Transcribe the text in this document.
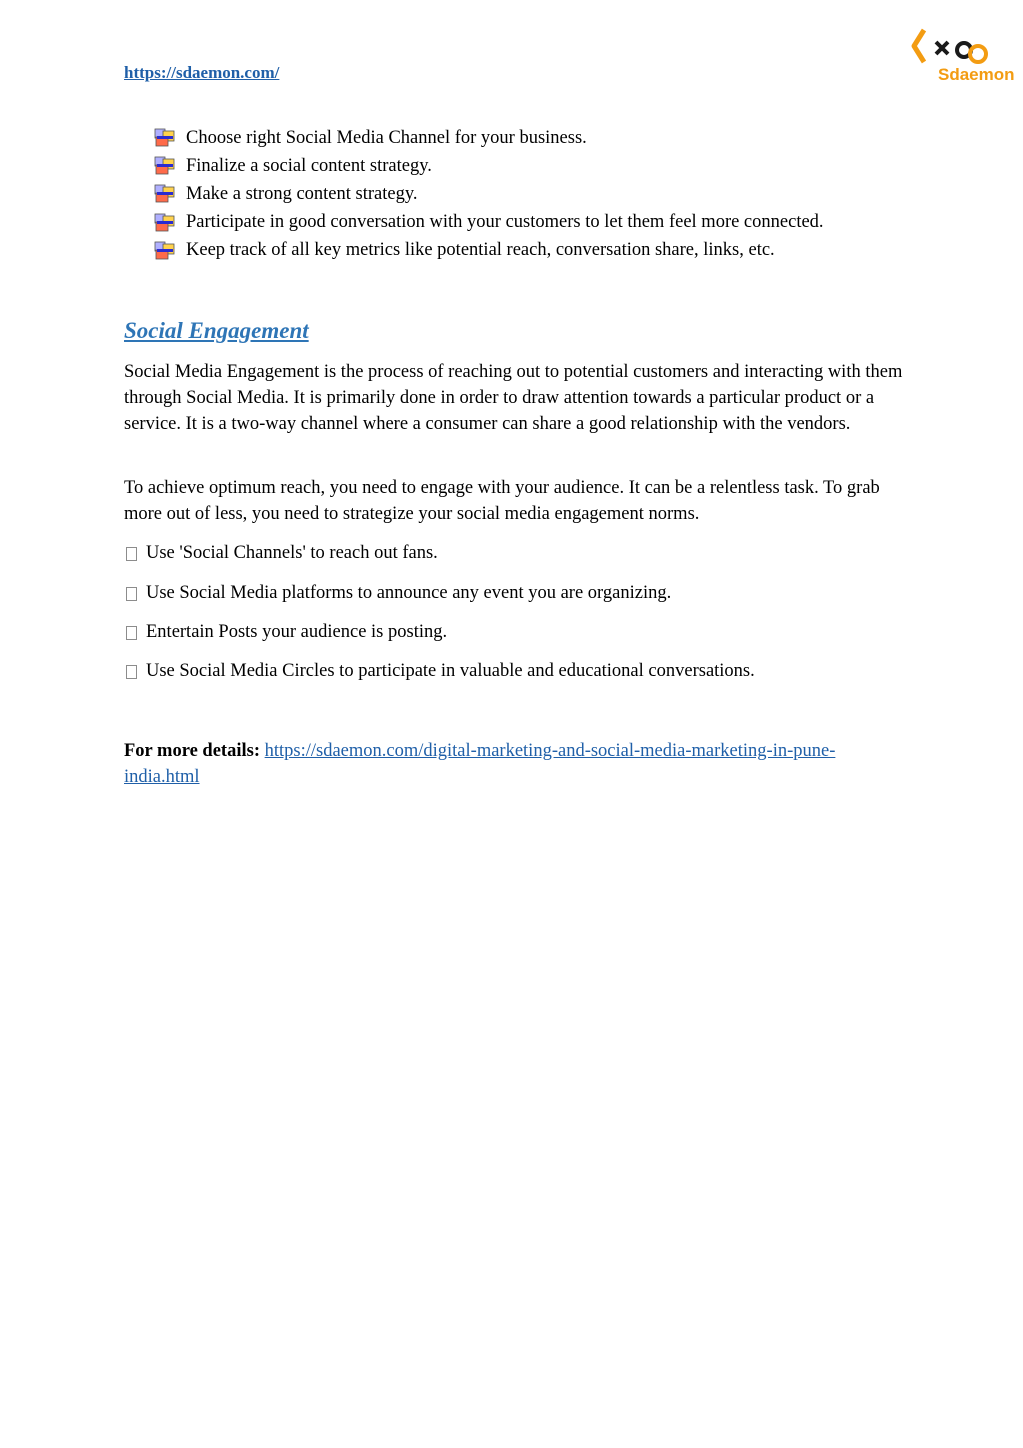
https://sdaemon.com/	Sdaemon
Choose right Social Media Channel for your business.
Finalize a social content strategy.
Make a strong content strategy.
Participate in good conversation with your customers to let them feel more connected.
Keep track of all key metrics like potential reach, conversation share, links, etc.
Social Engagement

Social Media Engagement is the process of reaching out to potential customers and interacting with them through Social Media. It is primarily done in order to draw attention towards a particular product or a service. It is a two-way channel where a consumer can share a good relationship with the vendors.

To achieve optimum reach, you need to engage with your audience. It can be a relentless task. To grab more out of less, you need to strategize your social media engagement norms.

Use 'Social Channels' to reach out fans.

Use Social Media platforms to announce any event you are organizing.

Entertain Posts your audience is posting.

Use Social Media Circles to participate in valuable and educational conversations.

For more details: https://sdaemon.com/digital-marketing-and-social-media-marketing-in-pune-india.html
